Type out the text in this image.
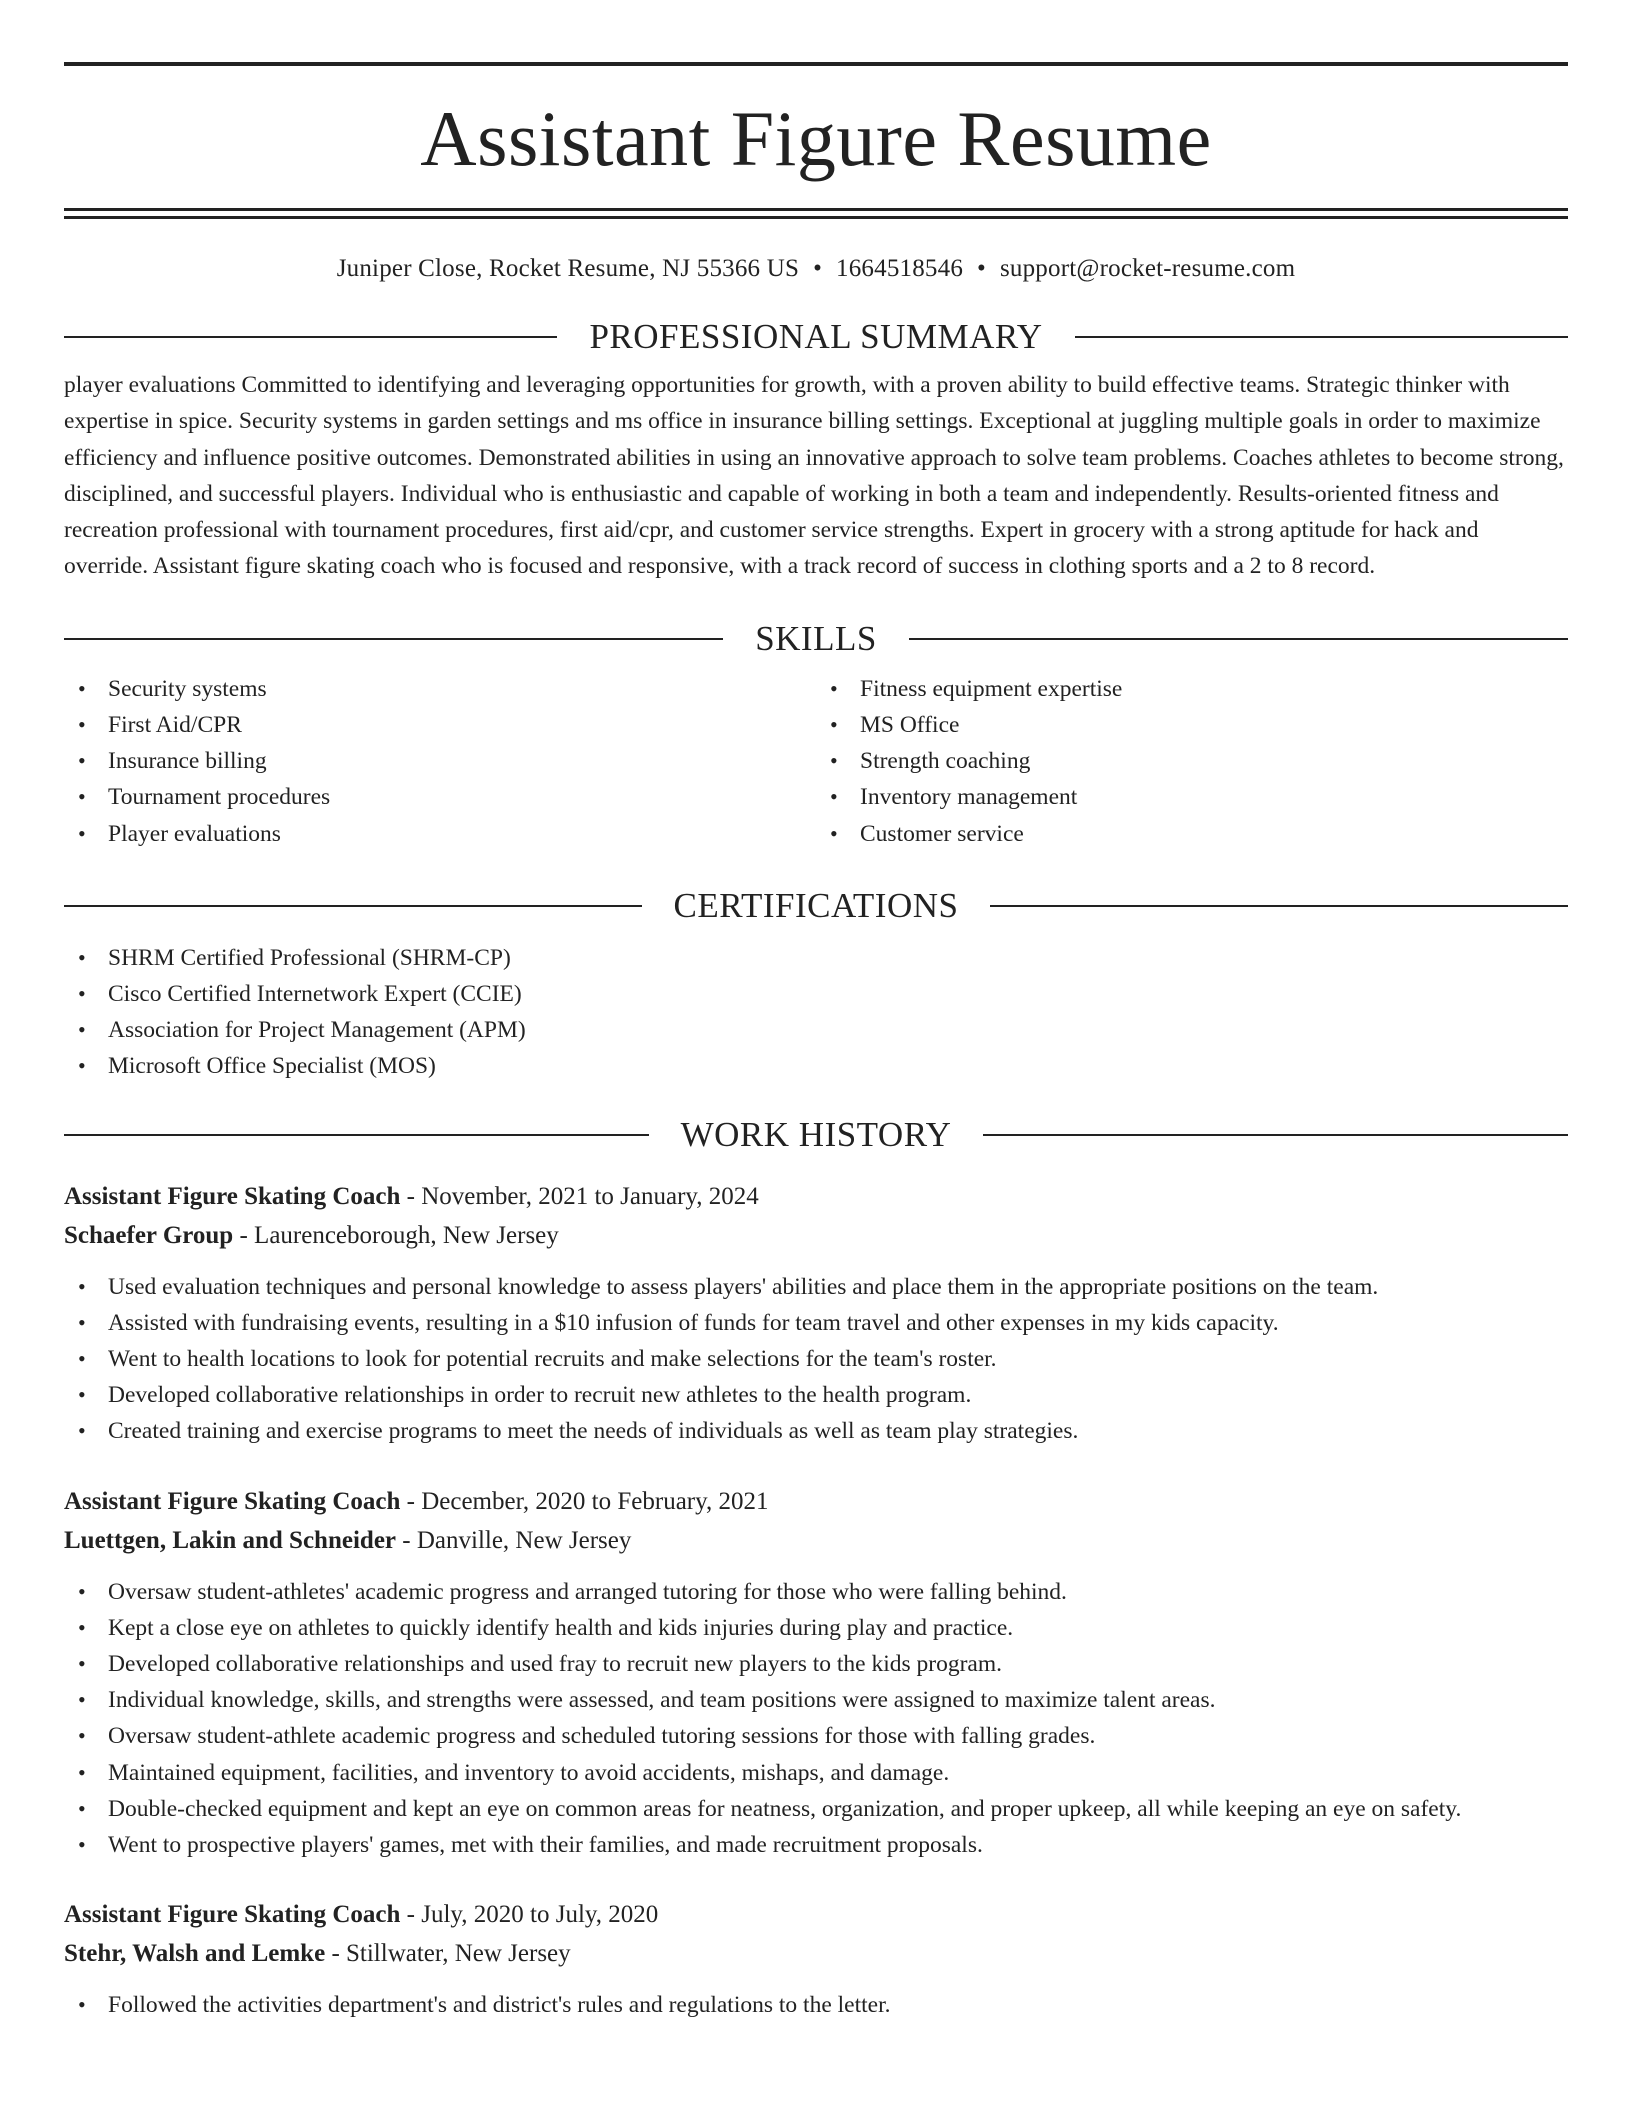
Assistant Figure Resume
Juniper Close, Rocket Resume, NJ 55366 US • 1664518546 • support@rocket-resume.com
PROFESSIONAL SUMMARY

player evaluations Committed to identifying and leveraging opportunities for growth, with a proven ability to build effective teams. Strategic thinker with expertise in spice. Security systems in garden settings and ms office in insurance billing settings. Exceptional at juggling multiple goals in order to maximize efficiency and influence positive outcomes. Demonstrated abilities in using an innovative approach to solve team problems. Coaches athletes to become strong, disciplined, and successful players. Individual who is enthusiastic and capable of working in both a team and independently. Results-oriented fitness and recreation professional with tournament procedures, first aid/cpr, and customer service strengths. Expert in grocery with a strong aptitude for hack and override. Assistant figure skating coach who is focused and responsive, with a track record of success in clothing sports and a 2 to 8 record.

SKILLS
• Security systems
• First Aid/CPR
• Insurance billing
• Tournament procedures
• Player evaluations
• Fitness equipment expertise
• MS Office
• Strength coaching
• Inventory management
• Customer service
CERTIFICATIONS
• SHRM Certified Professional (SHRM-CP)
• Cisco Certified Internetwork Expert (CCIE)
• Association for Project Management (APM)
• Microsoft Office Specialist (MOS)
WORK HISTORY
Assistant Figure Skating Coach - November, 2021 to January, 2024
Schaefer Group - Laurenceborough, New Jersey
• Used evaluation techniques and personal knowledge to assess players' abilities and place them in the appropriate positions on the team.
• Assisted with fundraising events, resulting in a $10 infusion of funds for team travel and other expenses in my kids capacity.
• Went to health locations to look for potential recruits and make selections for the team's roster.
• Developed collaborative relationships in order to recruit new athletes to the health program.
• Created training and exercise programs to meet the needs of individuals as well as team play strategies.
Assistant Figure Skating Coach - December, 2020 to February, 2021
Luettgen, Lakin and Schneider - Danville, New Jersey
• Oversaw student-athletes' academic progress and arranged tutoring for those who were falling behind.
• Kept a close eye on athletes to quickly identify health and kids injuries during play and practice.
• Developed collaborative relationships and used fray to recruit new players to the kids program.
• Individual knowledge, skills, and strengths were assessed, and team positions were assigned to maximize talent areas.
• Oversaw student-athlete academic progress and scheduled tutoring sessions for those with falling grades.
• Maintained equipment, facilities, and inventory to avoid accidents, mishaps, and damage.
• Double-checked equipment and kept an eye on common areas for neatness, organization, and proper upkeep, all while keeping an eye on safety.
• Went to prospective players' games, met with their families, and made recruitment proposals.
Assistant Figure Skating Coach - July, 2020 to July, 2020
Stehr, Walsh and Lemke - Stillwater, New Jersey
• Followed the activities department's and district's rules and regulations to the letter.
